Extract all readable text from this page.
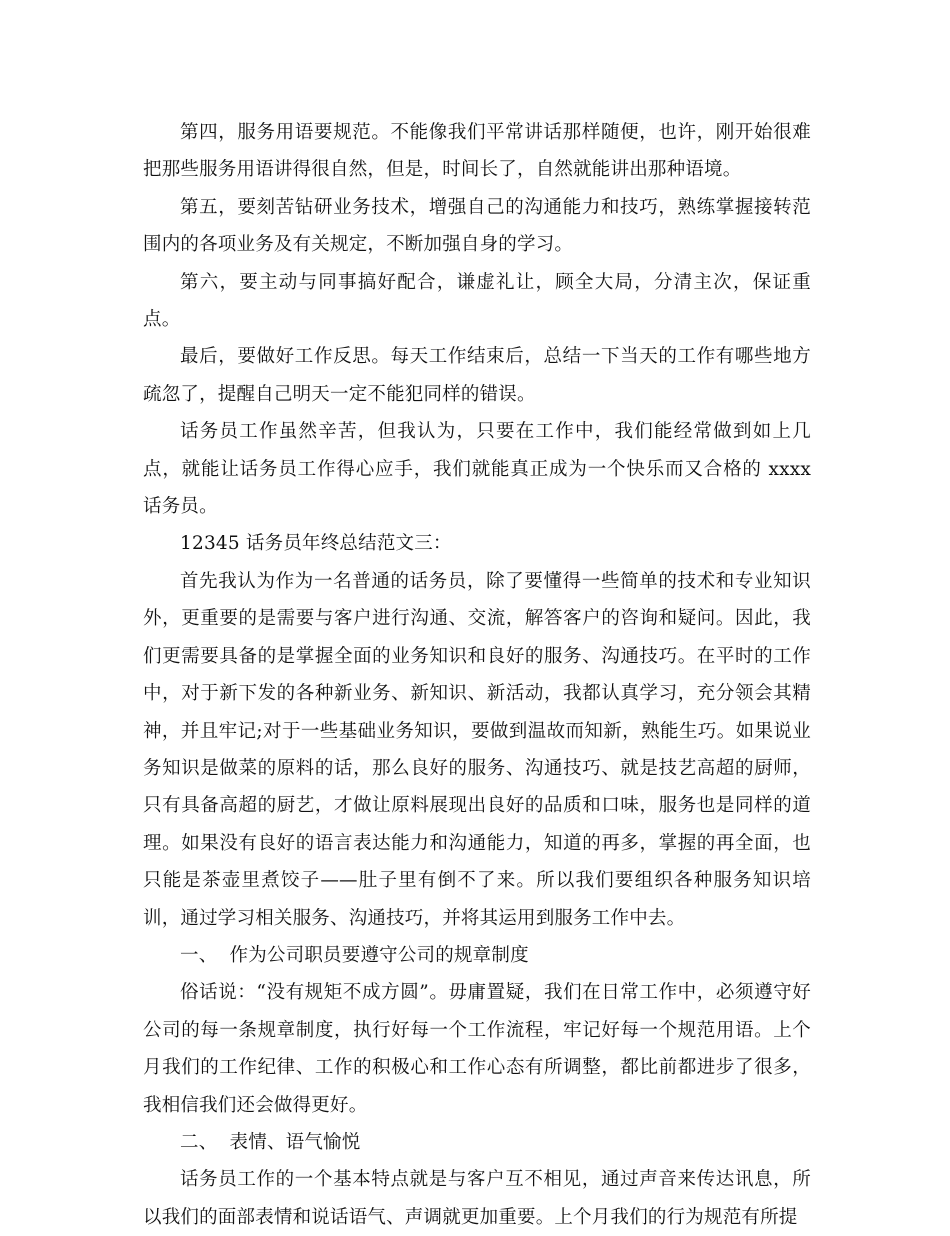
第四，服务用语要规范。不能像我们平常讲话那样随便，也许，刚开始很难把那些服务用语讲得很自然，但是，时间长了，自然就能讲出那种语境。

第五，要刻苦钻研业务技术，增强自己的沟通能力和技巧，熟练掌握接转范围内的各项业务及有关规定，不断加强自身的学习。

第六，要主动与同事搞好配合，谦虚礼让，顾全大局，分清主次，保证重点。

最后，要做好工作反思。每天工作结束后，总结一下当天的工作有哪些地方疏忽了，提醒自己明天一定不能犯同样的错误。

话务员工作虽然辛苦，但我认为，只要在工作中，我们能经常做到如上几点，就能让话务员工作得心应手，我们就能真正成为一个快乐而又合格的 xxxx 话务员。

12345 话务员年终总结范文三：

首先我认为作为一名普通的话务员，除了要懂得一些简单的技术和专业知识外，更重要的是需要与客户进行沟通、交流，解答客户的咨询和疑问。因此，我们更需要具备的是掌握全面的业务知识和良好的服务、沟通技巧。在平时的工作中，对于新下发的各种新业务、新知识、新活动，我都认真学习，充分领会其精神，并且牢记;对于一些基础业务知识，要做到温故而知新，熟能生巧。如果说业务知识是做菜的原料的话，那么良好的服务、沟通技巧、就是技艺高超的厨师，只有具备高超的厨艺，才做让原料展现出良好的品质和口味，服务也是同样的道理。如果没有良好的语言表达能力和沟通能力，知道的再多，掌握的再全面，也只能是茶壶里煮饺子——肚子里有倒不了来。所以我们要组织各种服务知识培训，通过学习相关服务、沟通技巧，并将其运用到服务工作中去。

一、  作为公司职员要遵守公司的规章制度

俗话说：“没有规矩不成方圆”。毋庸置疑，我们在日常工作中，必须遵守好公司的每一条规章制度，执行好每一个工作流程，牢记好每一个规范用语。上个月我们的工作纪律、工作的积极心和工作心态有所调整，都比前都进步了很多，我相信我们还会做得更好。

二、  表情、语气愉悦

话务员工作的一个基本特点就是与客户互不相见，通过声音来传达讯息，所以我们的面部表情和说话语气、声调就更加重要。上个月我们的行为规范有所提
